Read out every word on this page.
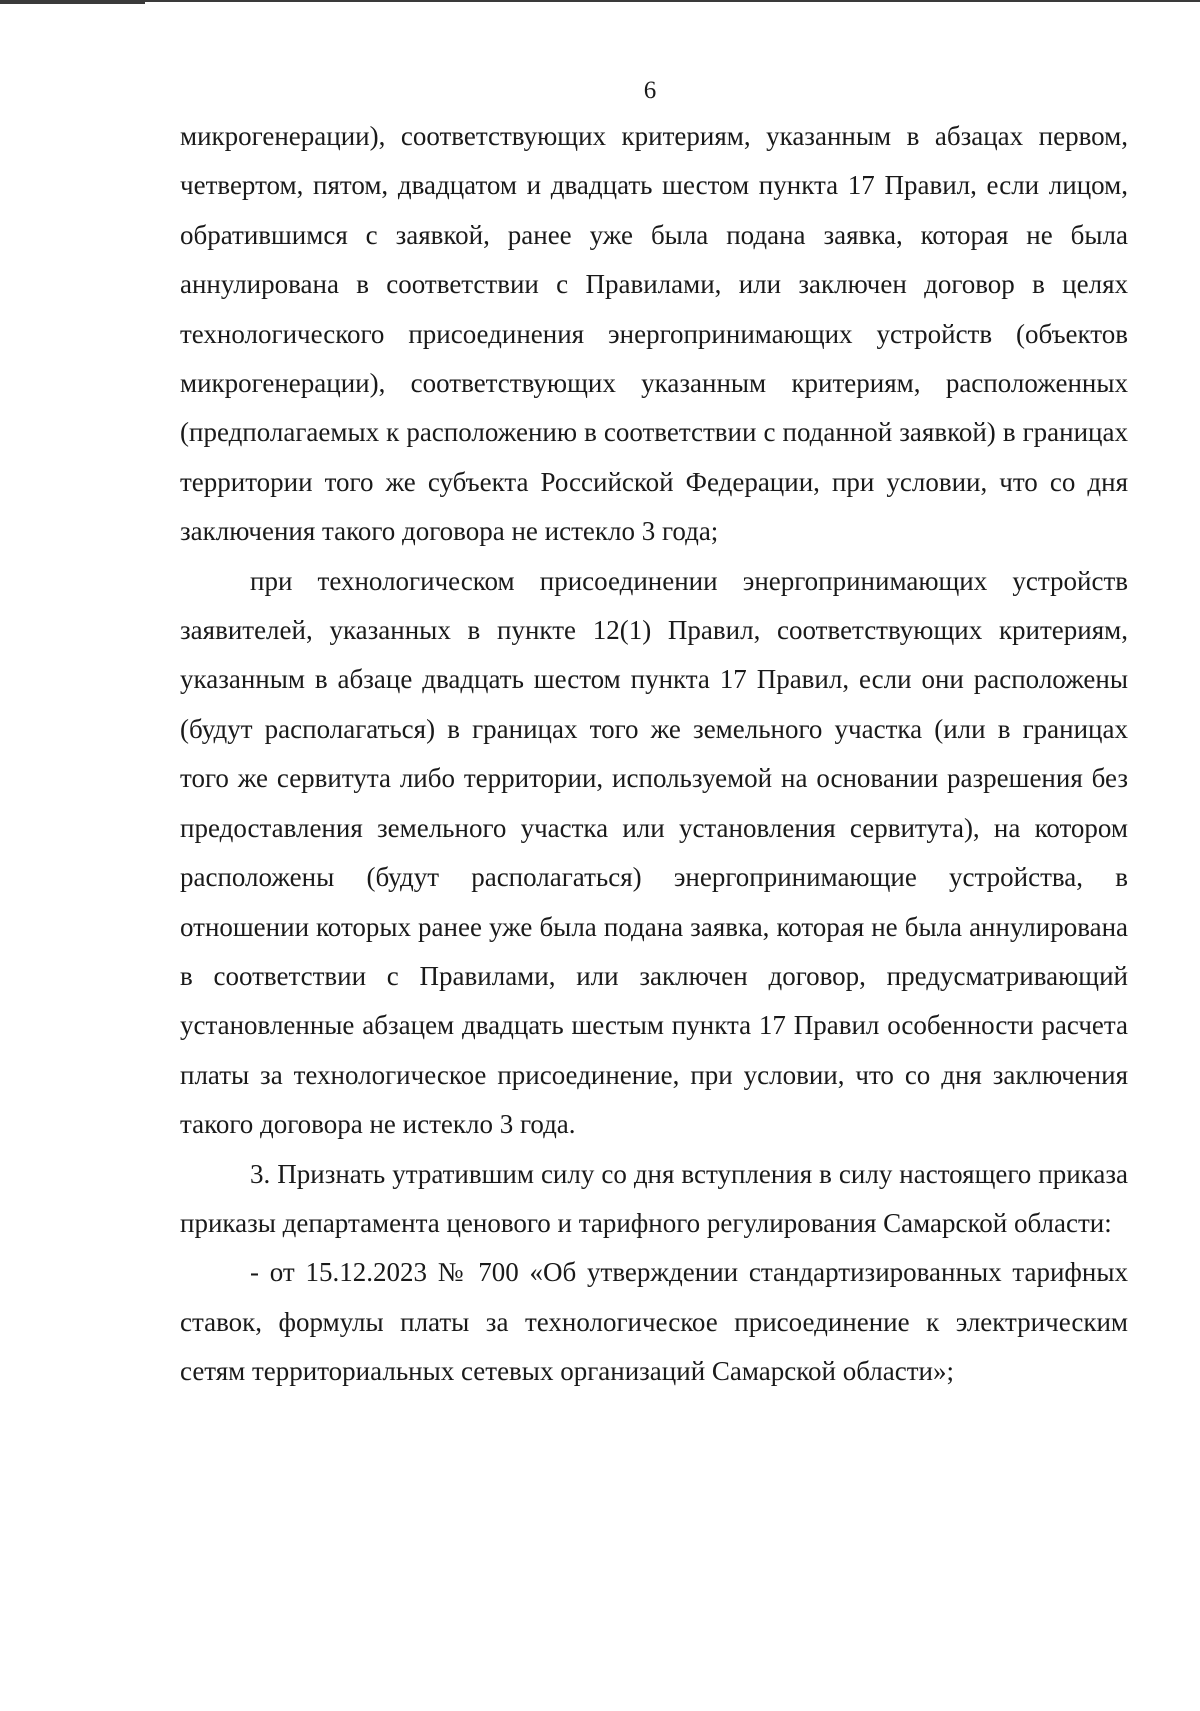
6

микрогенерации), соответствующих критериям, указанным в абзацах первом, четвертом, пятом, двадцатом и двадцать шестом пункта 17 Правил, если лицом, обратившимся с заявкой, ранее уже была подана заявка, которая не была аннулирована в соответствии с Правилами, или заключен договор в целях технологического присоединения энергопринимающих устройств (объектов микрогенерации), соответствующих указанным критериям, расположенных (предполагаемых к расположению в соответствии с поданной заявкой) в границах территории того же субъекта Российской Федерации, при условии, что со дня заключения такого договора не истекло 3 года;

при технологическом присоединении энергопринимающих устройств заявителей, указанных в пункте 12(1) Правил, соответствующих критериям, указанным в абзаце двадцать шестом пункта 17 Правил, если они расположены (будут располагаться) в границах того же земельного участка (или в границах того же сервитута либо территории, используемой на основании разрешения без предоставления земельного участка или установления сервитута), на котором расположены (будут располагаться) энергопринимающие устройства, в отношении которых ранее уже была подана заявка, которая не была аннулирована в соответствии с Правилами, или заключен договор, предусматривающий установленные абзацем двадцать шестым пункта 17 Правил особенности расчета платы за технологическое присоединение, при условии, что со дня заключения такого договора не истекло 3 года.

3. Признать утратившим силу со дня вступления в силу настоящего приказа приказы департамента ценового и тарифного регулирования Самарской области:

- от 15.12.2023 № 700 «Об утверждении стандартизированных тарифных ставок, формулы платы за технологическое присоединение к электрическим сетям территориальных сетевых организаций Самарской области»;
